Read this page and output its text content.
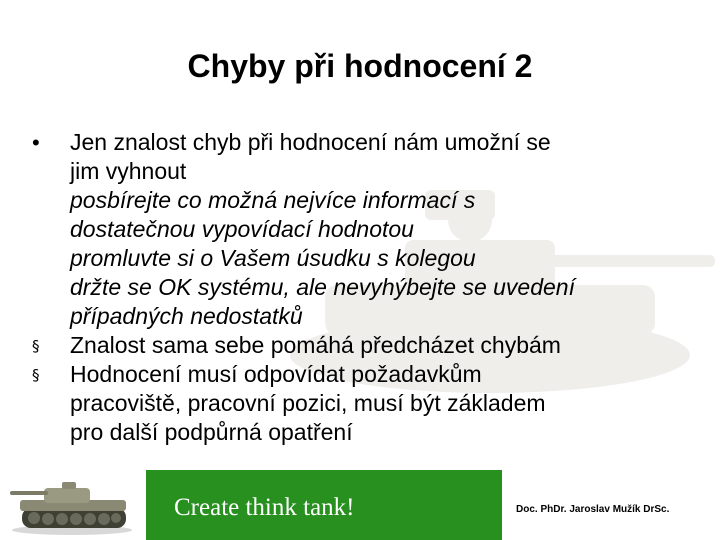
Chyby při hodnocení 2
•	Jen znalost chyb při hodnocení nám umožní se
jim vyhnout
posbírejte co možná nejvíce informací s
dostatečnou vypovídací hodnotou
promluvte si o Vašem úsudku s kolegou
držte se OK systému, ale nevyhýbejte se uvedení
případných nedostatků
§	Znalost sama sebe pomáhá předcházet chybám
§	Hodnocení musí odpovídat požadavkům
pracoviště, pracovní pozici, musí být základem
pro další podpůrná opatření
Create think tank!	Doc. PhDr. Jaroslav Mužík DrSc.
